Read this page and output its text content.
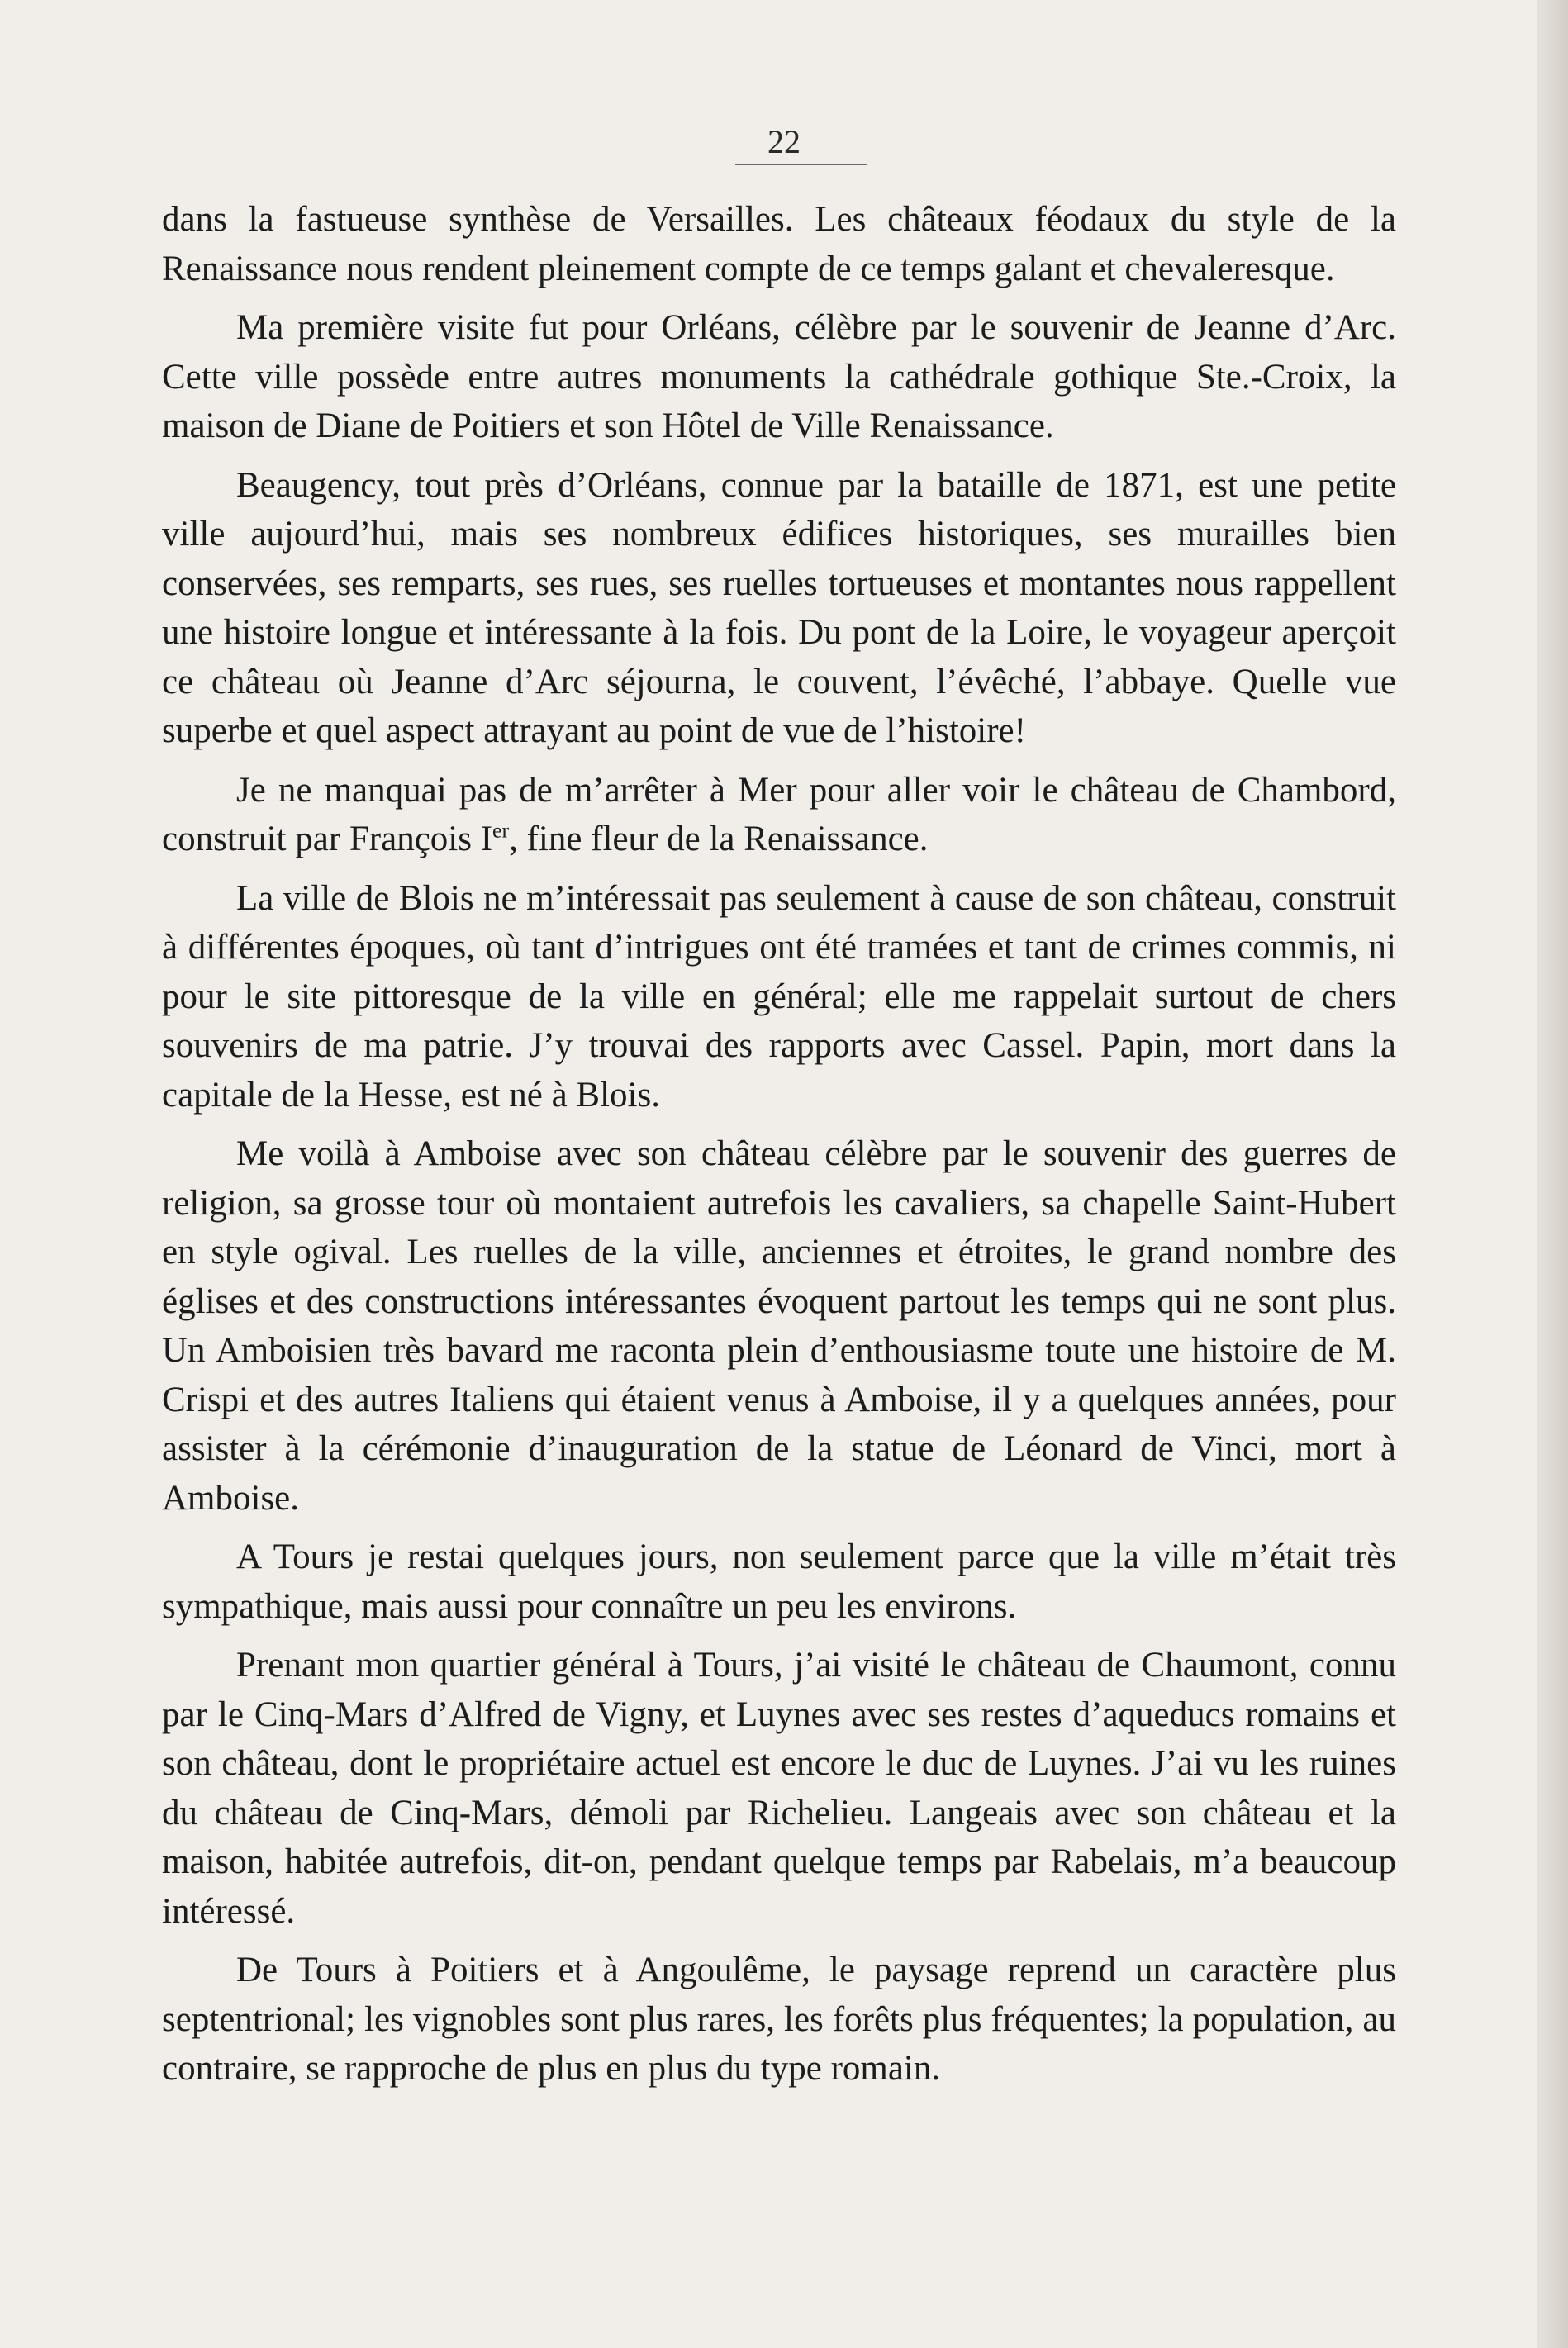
22

dans la fastueuse synthèse de Versailles. Les châteaux féodaux du style de la Renaissance nous rendent pleinement compte de ce temps galant et chevaleresque.

Ma première visite fut pour Orléans, célèbre par le souvenir de Jeanne d’Arc. Cette ville possède entre autres monuments la cathédrale gothique Ste.-Croix, la maison de Diane de Poitiers et son Hôtel de Ville Renaissance.

Beaugency, tout près d’Orléans, connue par la bataille de 1871, est une petite ville aujourd’hui, mais ses nombreux édifices historiques, ses murailles bien conservées, ses remparts, ses rues, ses ruelles tortueuses et montantes nous rappellent une histoire longue et intéressante à la fois. Du pont de la Loire, le voyageur aperçoit ce château où Jeanne d’Arc séjourna, le couvent, l’évêché, l’abbaye. Quelle vue superbe et quel aspect attrayant au point de vue de l’histoire!

Je ne manquai pas de m’arrêter à Mer pour aller voir le château de Chambord, construit par François Ier, fine fleur de la Renaissance.

La ville de Blois ne m’intéressait pas seulement à cause de son château, construit à différentes époques, où tant d’intrigues ont été tramées et tant de crimes commis, ni pour le site pittoresque de la ville en général; elle me rappelait surtout de chers souvenirs de ma patrie. J’y trouvai des rapports avec Cassel. Papin, mort dans la capitale de la Hesse, est né à Blois.

Me voilà à Amboise avec son château célèbre par le souvenir des guerres de religion, sa grosse tour où montaient autrefois les cavaliers, sa chapelle Saint-Hubert en style ogival. Les ruelles de la ville, anciennes et étroites, le grand nombre des églises et des constructions intéressantes évoquent partout les temps qui ne sont plus. Un Amboisien très bavard me raconta plein d’enthousiasme toute une histoire de M. Crispi et des autres Italiens qui étaient venus à Amboise, il y a quelques années, pour assister à la cérémonie d’inauguration de la statue de Léonard de Vinci, mort à Amboise.

A Tours je restai quelques jours, non seulement parce que la ville m’était très sympathique, mais aussi pour connaître un peu les environs.

Prenant mon quartier général à Tours, j’ai visité le château de Chaumont, connu par le Cinq-Mars d’Alfred de Vigny, et Luynes avec ses restes d’aqueducs romains et son château, dont le propriétaire actuel est encore le duc de Luynes. J’ai vu les ruines du château de Cinq-Mars, démoli par Richelieu. Langeais avec son château et la maison, habitée autrefois, dit-on, pendant quelque temps par Rabelais, m’a beaucoup intéressé.

De Tours à Poitiers et à Angoulême, le paysage reprend un caractère plus septentrional; les vignobles sont plus rares, les forêts plus fréquentes; la population, au contraire, se rapproche de plus en plus du type romain.
